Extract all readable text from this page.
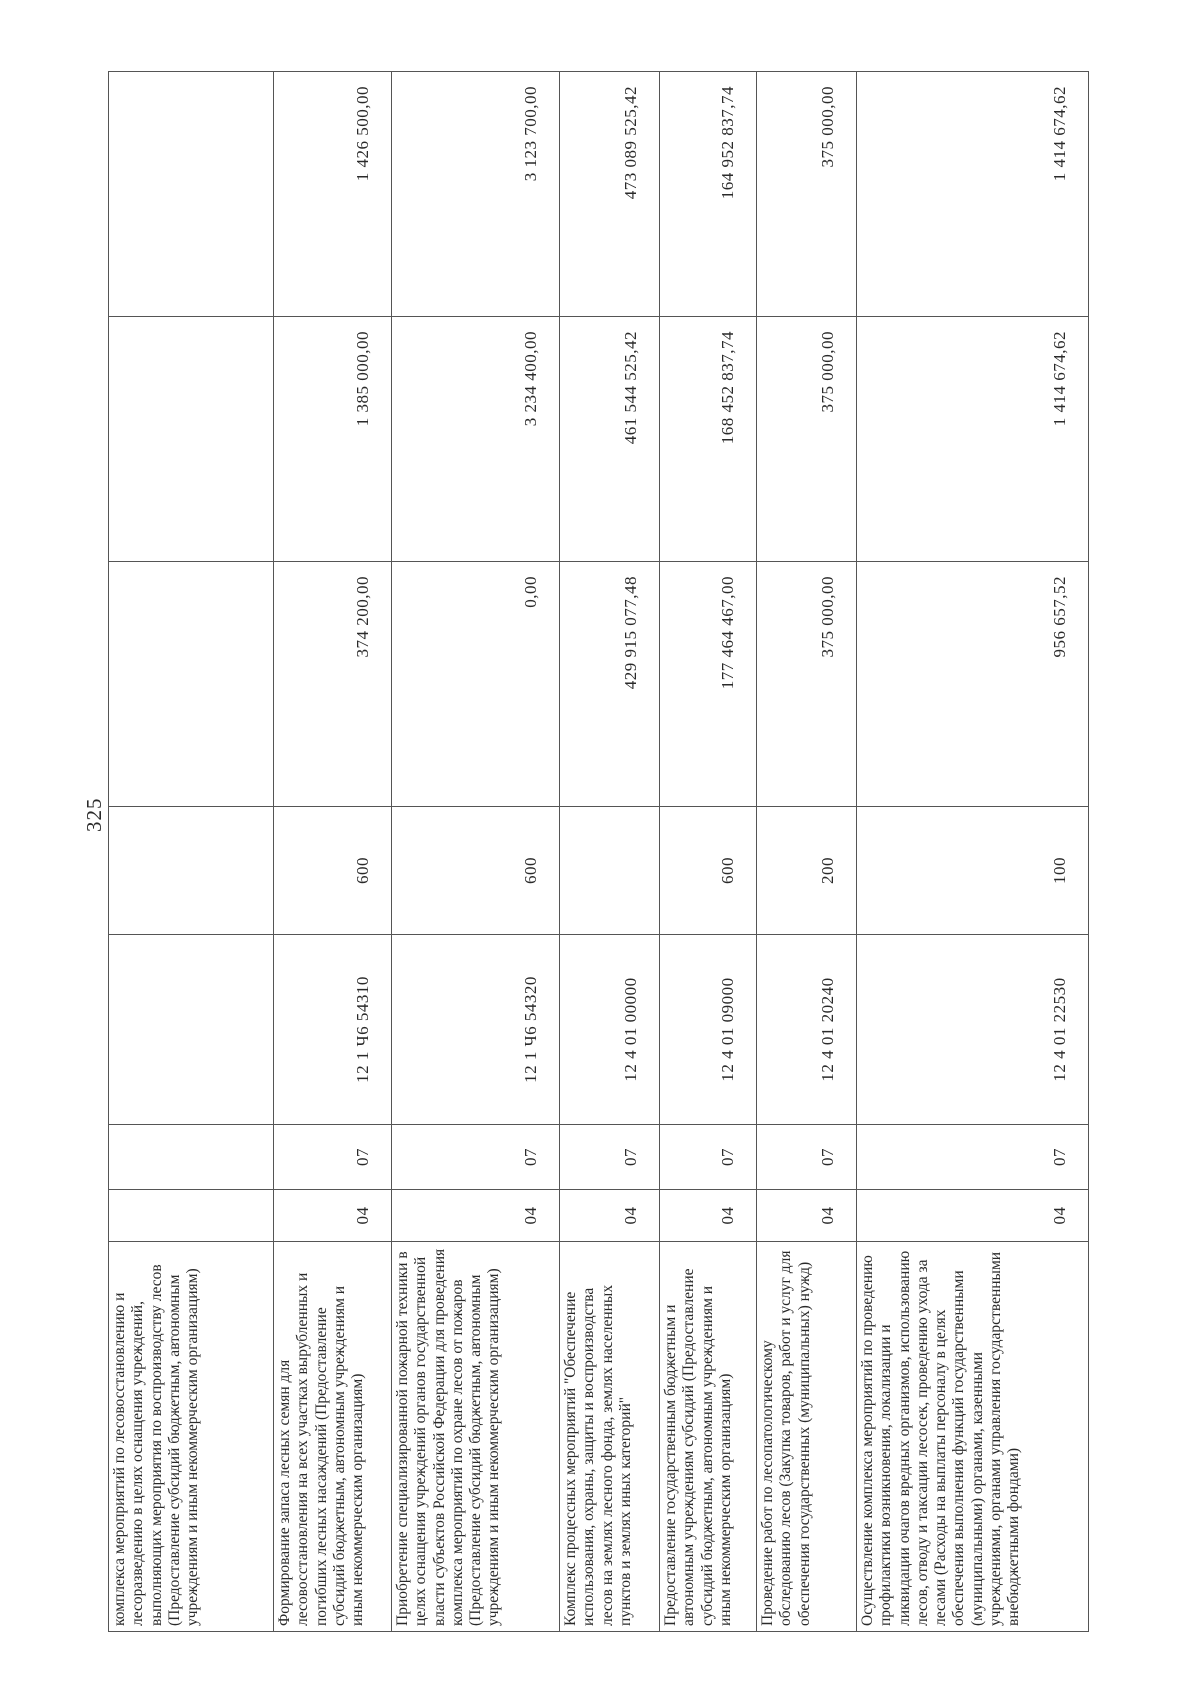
325
комплекса мероприятий по лесовосстановлению и лесоразведению в целях оснащения учреждений, выполняющих мероприятия по воспроизводству лесов (Предоставление субсидий бюджетным, автономным учреждениям и иным некоммерческим организациям)							
Формирование запаса лесных семян для лесовосстановления на всех участках вырубленных и погибших лесных насаждений (Предоставление субсидий бюджетным, автономным учреждениям и иным некоммерческим организациям)	04	07	12 1 Ч6 54310	600	374 200,00	1 385 000,00	1 426 500,00
Приобретение специализированной пожарной техники в целях оснащения учреждений органов государственной власти субъектов Российской Федерации для проведения комплекса мероприятий по охране лесов от пожаров (Предоставление субсидий бюджетным, автономным учреждениям и иным некоммерческим организациям)	04	07	12 1 Ч6 54320	600	0,00	3 234 400,00	3 123 700,00
Комплекс процессных мероприятий "Обеспечение использования, охраны, защиты и воспроизводства лесов на землях лесного фонда, землях населенных пунктов и землях иных категорий"	04	07	12 4 01 00000		429 915 077,48	461 544 525,42	473 089 525,42
Предоставление государственным бюджетным и автономным учреждениям субсидий (Предоставление субсидий бюджетным, автономным учреждениям и иным некоммерческим организациям)	04	07	12 4 01 09000	600	177 464 467,00	168 452 837,74	164 952 837,74
Проведение работ по лесопатологическому обследованию лесов (Закупка товаров, работ и услуг для обеспечения государственных (муниципальных) нужд)	04	07	12 4 01 20240	200	375 000,00	375 000,00	375 000,00
Осуществление комплекса мероприятий по проведению профилактики возникновения, локализации и ликвидации очагов вредных организмов, использованию лесов, отводу и таксации лесосек, проведению ухода за лесами (Расходы на выплаты персоналу в целях обеспечения выполнения функций государственными (муниципальными) органами, казенными учреждениями, органами управления государственными внебюджетными фондами)	04	07	12 4 01 22530	100	956 657,52	1 414 674,62	1 414 674,62
